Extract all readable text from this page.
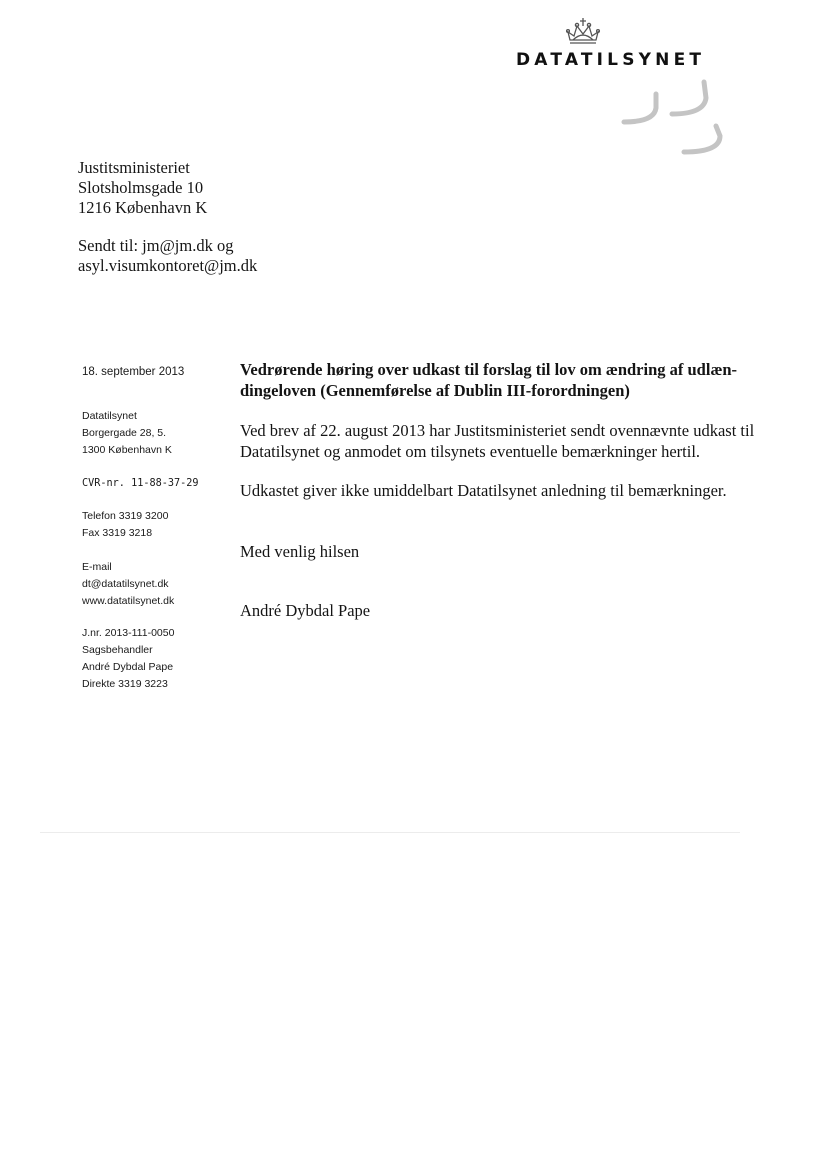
DATATILSYNET
Justitsministeriet
Slotsholmsgade 10
1216 København K
Sendt til: jm@jm.dk og
asyl.visumkontoret@jm.dk
18. september 2013
Datatilsynet
Borgergade 28, 5.
1300 København K
CVR-nr. 11-88-37-29
Telefon 3319 3200
Fax 3319 3218
E-mail
dt@datatilsynet.dk
www.datatilsynet.dk
J.nr. 2013-111-0050
Sagsbehandler
André Dybdal Pape
Direkte 3319 3223
Vedrørende høring over udkast til forslag til lov om ændring af udlæn-
dingeloven (Gennemførelse af Dublin III-forordningen)
Ved brev af 22. august 2013 har Justitsministeriet sendt ovennævnte udkast til
Datatilsynet og anmodet om tilsynets eventuelle bemærkninger hertil.
Udkastet giver ikke umiddelbart Datatilsynet anledning til bemærkninger.
Med venlig hilsen
André Dybdal Pape
